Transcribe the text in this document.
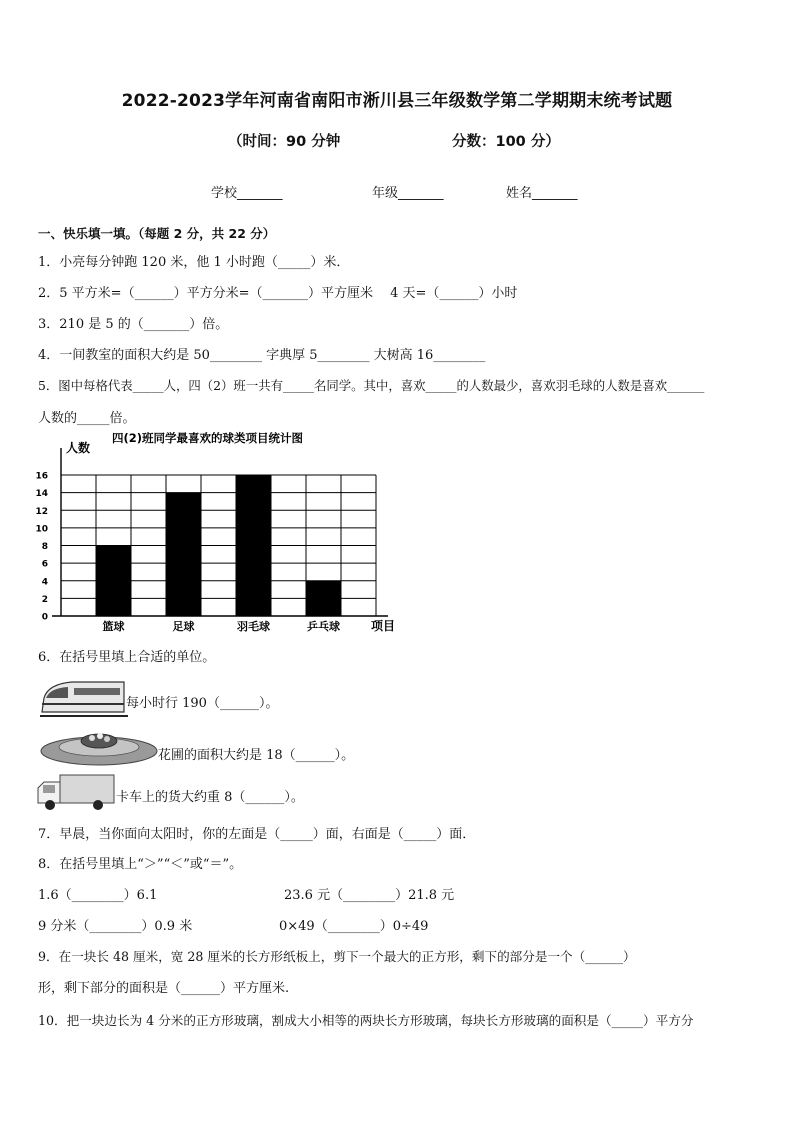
2022-2023学年河南省南阳市淅川县三年级数学第二学期期末统考试题
（时间：90 分钟	分数：100 分）
学校_______	年级_______	姓名_______
一、快乐填一填。（每题 2 分，共 22 分）
1．小亮每分钟跑 120 米，他 1 小时跑（_____）米．
2．5 平方米=（______）平方分米=（_______）平方厘米　 4 天=（______）小时
3．210 是 5 的（_______）倍。
4．一间教室的面积大约是 50________ 字典厚 5________ 大树高 16________
5．图中每格代表_____人，四（2）班一共有_____名同学。其中，喜欢_____的人数最少，喜欢羽毛球的人数是喜欢______
人数的_____倍。
四(2)班同学最喜欢的球类项目统计图
人数
项目
0
2
4
6
8
10
12
14
16
篮球	足球	羽毛球	乒乓球
6．在括号里填上合适的单位。
每小时行 190（______）。
花圃的面积大约是 18（______）。
卡车上的货大约重 8（______）。
7．早晨，当你面向太阳时，你的左面是（_____）面，右面是（_____）面．
8．在括号里填上“＞”“＜”或“＝”。
1.6（________）6.1	23.6 元（________）21.8 元
9 分米（________）0.9 米	0×49（________）0÷49
9．在一块长 48 厘米，宽 28 厘米的长方形纸板上，剪下一个最大的正方形，剩下的部分是一个（______）
形，剩下部分的面积是（______）平方厘米.
10．把一块边长为 4 分米的正方形玻璃，割成大小相等的两块长方形玻璃，每块长方形玻璃的面积是（_____）平方分
